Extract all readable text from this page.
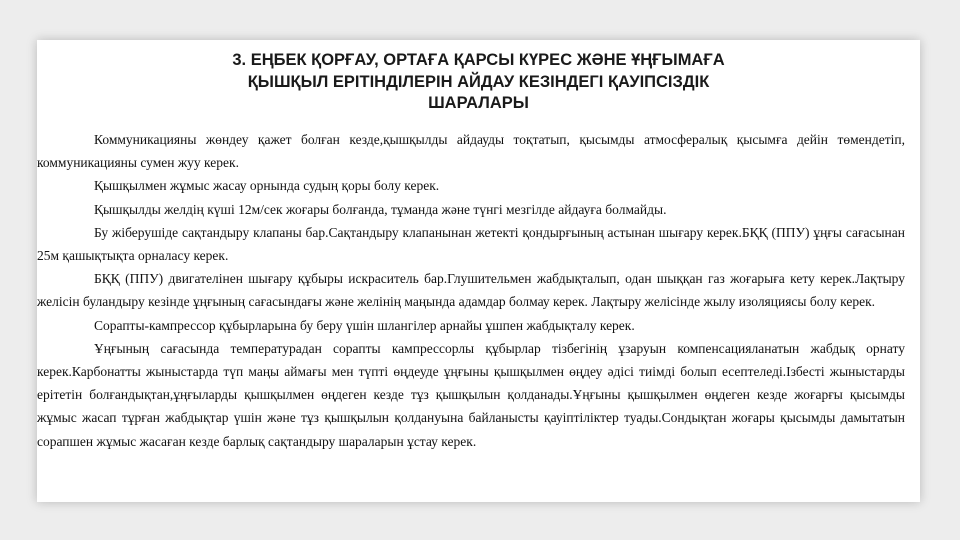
3. ЕҢБЕК ҚОРҒАУ, ОРТАҒА ҚАРСЫ КҮРЕС ЖӘНЕ ҰҢҒЫМАҒА
ҚЫШҚЫЛ ЕРІТІНДІЛЕРІН АЙДАУ КЕЗІНДЕГІ ҚАУІПСІЗДІК
ШАРАЛАРЫ

Коммуникацияны жөндеу қажет болған кезде,қышқылды айдауды тоқтатып, қысымды атмосфералық қысымға дейін төмендетіп, коммуникацияны сумен жуу керек.

Қышқылмен жұмыс жасау орнында судың қоры болу керек.

Қышқылды желдің күші 12м/сек жоғары болғанда, тұманда және түнгі мезгілде айдауға болмайды.

Бу жіберушіде сақтандыру клапаны бар.Сақтандыру клапанынан жетекті қондырғының астынан шығару керек.БҚҚ (ППУ) ұңғы сағасынан 25м қашықтықта орналасу керек.

БҚҚ (ППУ) двигателінен шығару құбыры искраситель бар.Глушительмен жабдықталып, одан шыққан газ жоғарыға кету керек.Лақтыру желісін буландыру кезінде ұңғының сағасындағы және желінің маңында адамдар болмау керек. Лақтыру желісінде жылу изоляциясы болу керек.

Сорапты-кампрессор құбырларына бу беру үшін шлангілер арнайы ұшпен жабдықталу керек.

Ұңғының сағасында температурадан сорапты кампрессорлы құбырлар тізбегінің ұзаруын компенсацияланатын жабдық орнату керек.Карбонатты жыныстарда түп маңы аймағы мен түпті өңдеуде ұңғыны қышқылмен өңдеу әдісі тиімді болып есептеледі.Ізбесті жыныстарды ерітетін болғандықтан,ұңғыларды қышқылмен өңдеген кезде тұз қышқылын қолданады.Ұңғыны қышқылмен өңдеген кезде жоғарғы қысымды жұмыс жасап тұрған жабдықтар үшін және тұз қышқылын қолдануына байланысты қауіптіліктер туады.Сондықтан жоғары қысымды дамытатын сорапшен жұмыс жасаған кезде барлық сақтандыру шараларын ұстау керек.
